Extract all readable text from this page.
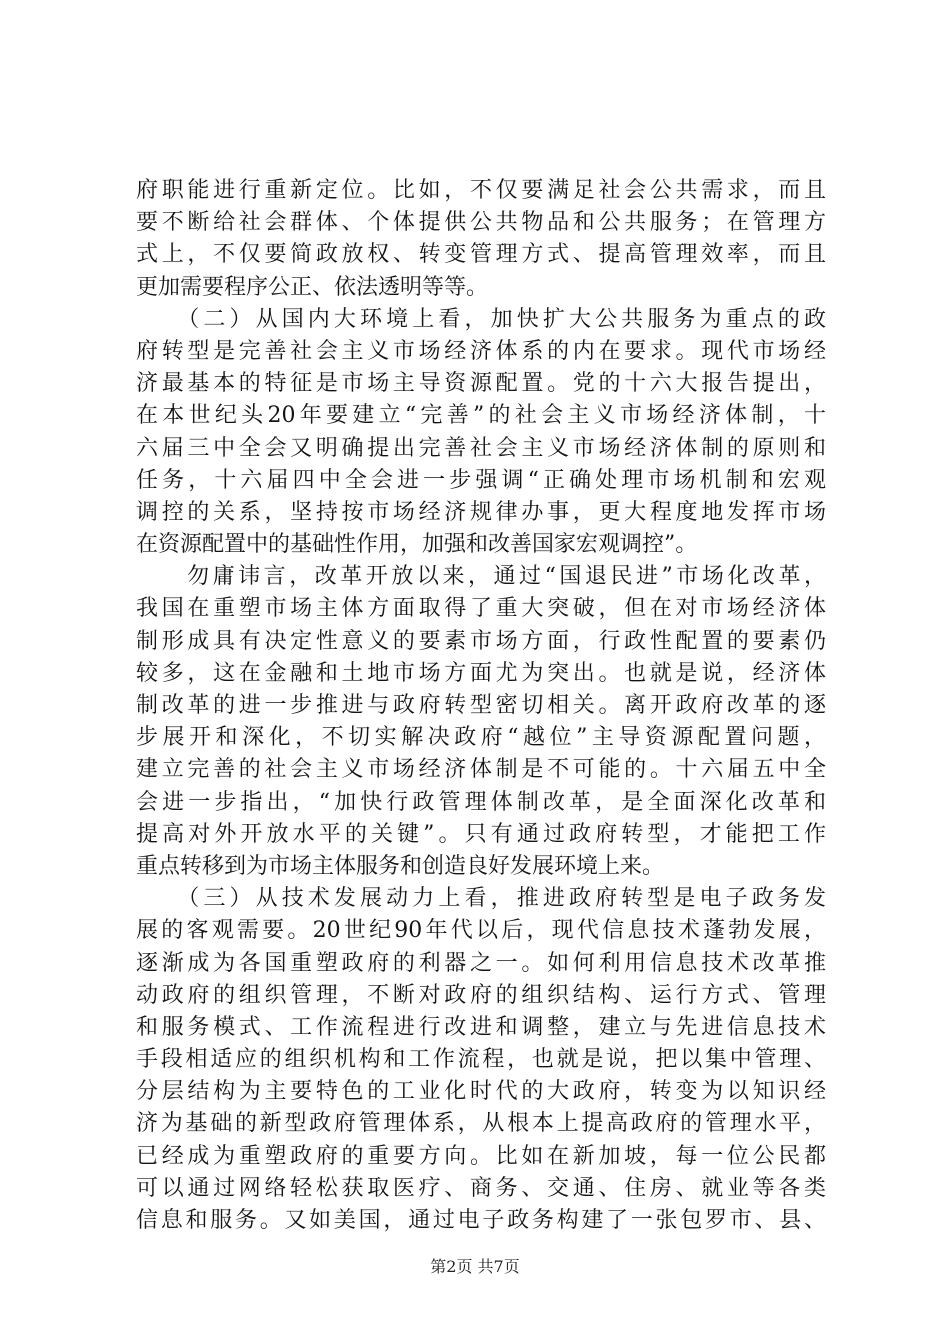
府职能进行重新定位。比如，不仅要满足社会公共需求，而且
要不断给社会群体、个体提供公共物品和公共服务；在管理方
式上，不仅要简政放权、转变管理方式、提高管理效率，而且
更加需要程序公正、依法透明等等。
　　（二）从国内大环境上看，加快扩大公共服务为重点的政
府转型是完善社会主义市场经济体系的内在要求。现代市场经
济最基本的特征是市场主导资源配置。党的十六大报告提出，
在本世纪头20年要建立“完善”的社会主义市场经济体制，十
六届三中全会又明确提出完善社会主义市场经济体制的原则和
任务，十六届四中全会进一步强调“正确处理市场机制和宏观
调控的关系，坚持按市场经济规律办事，更大程度地发挥市场
在资源配置中的基础性作用，加强和改善国家宏观调控”。
　　勿庸讳言，改革开放以来，通过“国退民进”市场化改革，
我国在重塑市场主体方面取得了重大突破，但在对市场经济体
制形成具有决定性意义的要素市场方面，行政性配置的要素仍
较多，这在金融和土地市场方面尤为突出。也就是说，经济体
制改革的进一步推进与政府转型密切相关。离开政府改革的逐
步展开和深化，不切实解决政府“越位”主导资源配置问题，
建立完善的社会主义市场经济体制是不可能的。十六届五中全
会进一步指出，“加快行政管理体制改革，是全面深化改革和
提高对外开放水平的关键”。只有通过政府转型，才能把工作
重点转移到为市场主体服务和创造良好发展环境上来。
　　（三）从技术发展动力上看，推进政府转型是电子政务发
展的客观需要。20世纪90年代以后，现代信息技术蓬勃发展，
逐渐成为各国重塑政府的利器之一。如何利用信息技术改革推
动政府的组织管理，不断对政府的组织结构、运行方式、管理
和服务模式、工作流程进行改进和调整，建立与先进信息技术
手段相适应的组织机构和工作流程，也就是说，把以集中管理、
分层结构为主要特色的工业化时代的大政府，转变为以知识经
济为基础的新型政府管理体系，从根本上提高政府的管理水平，
已经成为重塑政府的重要方向。比如在新加坡，每一位公民都
可以通过网络轻松获取医疗、商务、交通、住房、就业等各类
信息和服务。又如美国，通过电子政务构建了一张包罗市、县、
第2页 共7页
